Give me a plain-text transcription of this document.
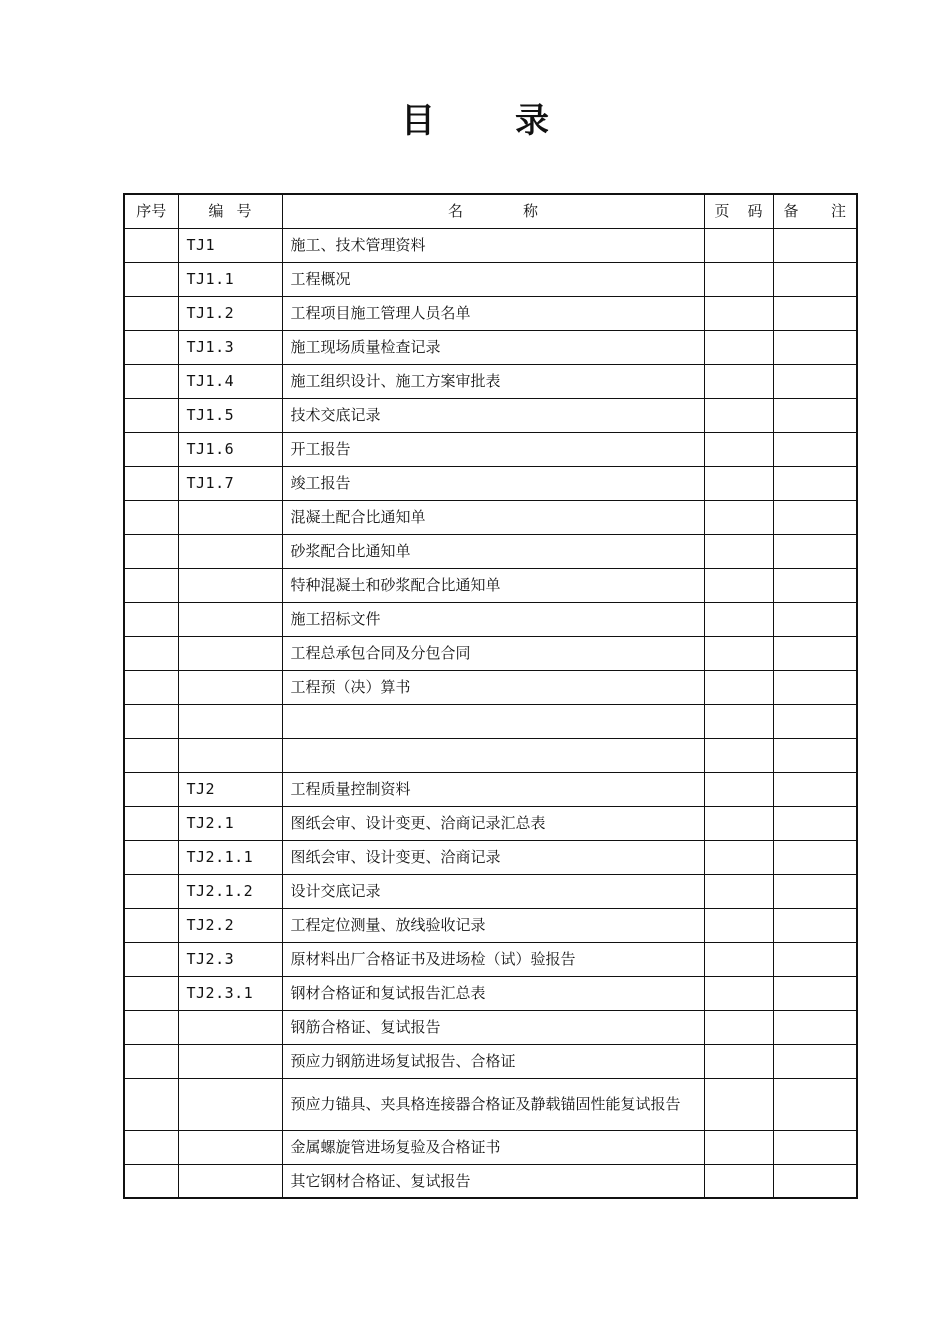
目 录
序号	编 号	名 称	页 码	备 注

	TJ1	施工、技术管理资料		
	TJ1.1	工程概况		
	TJ1.2	工程项目施工管理人员名单		
	TJ1.3	施工现场质量检查记录		
	TJ1.4	施工组织设计、施工方案审批表		
	TJ1.5	技术交底记录		
	TJ1.6	开工报告		
	TJ1.7	竣工报告		
		混凝土配合比通知单		
		砂浆配合比通知单		
		特种混凝土和砂浆配合比通知单		
		施工招标文件		
		工程总承包合同及分包合同		
		工程预（决）算书		

	TJ2	工程质量控制资料		
	TJ2.1	图纸会审、设计变更、洽商记录汇总表		
	TJ2.1.1	图纸会审、设计变更、洽商记录		
	TJ2.1.2	设计交底记录		
	TJ2.2	工程定位测量、放线验收记录		
	TJ2.3	原材料出厂合格证书及进场检（试）验报告		
	TJ2.3.1	钢材合格证和复试报告汇总表		
		钢筋合格证、复试报告		
		预应力钢筋进场复试报告、合格证		
		预应力锚具、夹具格连接器合格证及静载锚固性能复试报告		
		金属螺旋管进场复验及合格证书		
		其它钢材合格证、复试报告		
